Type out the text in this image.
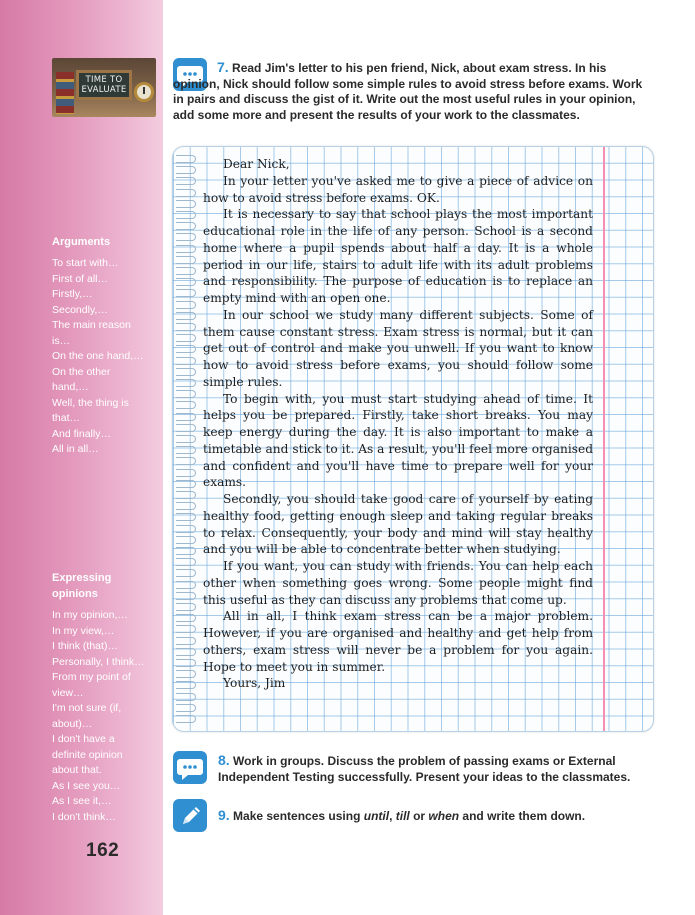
TIME TO EVALUATE
Arguments
To start with…
First of all…
Firstly,…
Secondly,…
The main reason
is…
On the one hand,…
On the other
hand,…
Well, the thing is
that…
And finally…
All in all…
Expressing opinions
In my opinion,…
In my view,…
I think (that)…
Personally, I think…
From my point of
view…
I'm not sure (if,
about)…
I don't have a
definite opinion
about that.
As I see you…
As I see it,…
I don't think…
162
7. Read Jim's letter to his pen friend, Nick, about exam stress. In his opinion, Nick should follow some simple rules to avoid stress before exams. Work in pairs and discuss the gist of it. Write out the most useful rules in your opinion, add some more and present the results of your work to the classmates.

Dear Nick,

In your letter you've asked me to give a piece of advice on how to avoid stress before exams. OK.

It is necessary to say that school plays the most important educational role in the life of any person. School is a second home where a pupil spends about half a day. It is a whole period in our life, stairs to adult life with its adult problems and responsibility. The purpose of education is to replace an empty mind with an open one.

In our school we study many different subjects. Some of them cause constant stress. Exam stress is normal, but it can get out of control and make you unwell. If you want to know how to avoid stress before exams, you should follow some simple rules.

To begin with, you must start studying ahead of time. It helps you be prepared. Firstly, take short breaks. You may keep energy during the day. It is also important to make a timetable and stick to it. As a result, you'll feel more organised and confident and you'll have time to prepare well for your exams.

Secondly, you should take good care of yourself by eating healthy food, getting enough sleep and taking regular breaks to relax. Consequently, your body and mind will stay healthy and you will be able to concentrate better when studying.

If you want, you can study with friends. You can help each other when something goes wrong. Some people might find this useful as they can discuss any problems that come up.

All in all, I think exam stress can be a major problem. However, if you are organised and healthy and get help from others, exam stress will never be a problem for you again. Hope to meet you in summer.

Yours, Jim

8. Work in groups. Discuss the problem of passing exams or External Independent Testing successfully. Present your ideas to the classmates.
9. Make sentences using until, till or when and write them down.
